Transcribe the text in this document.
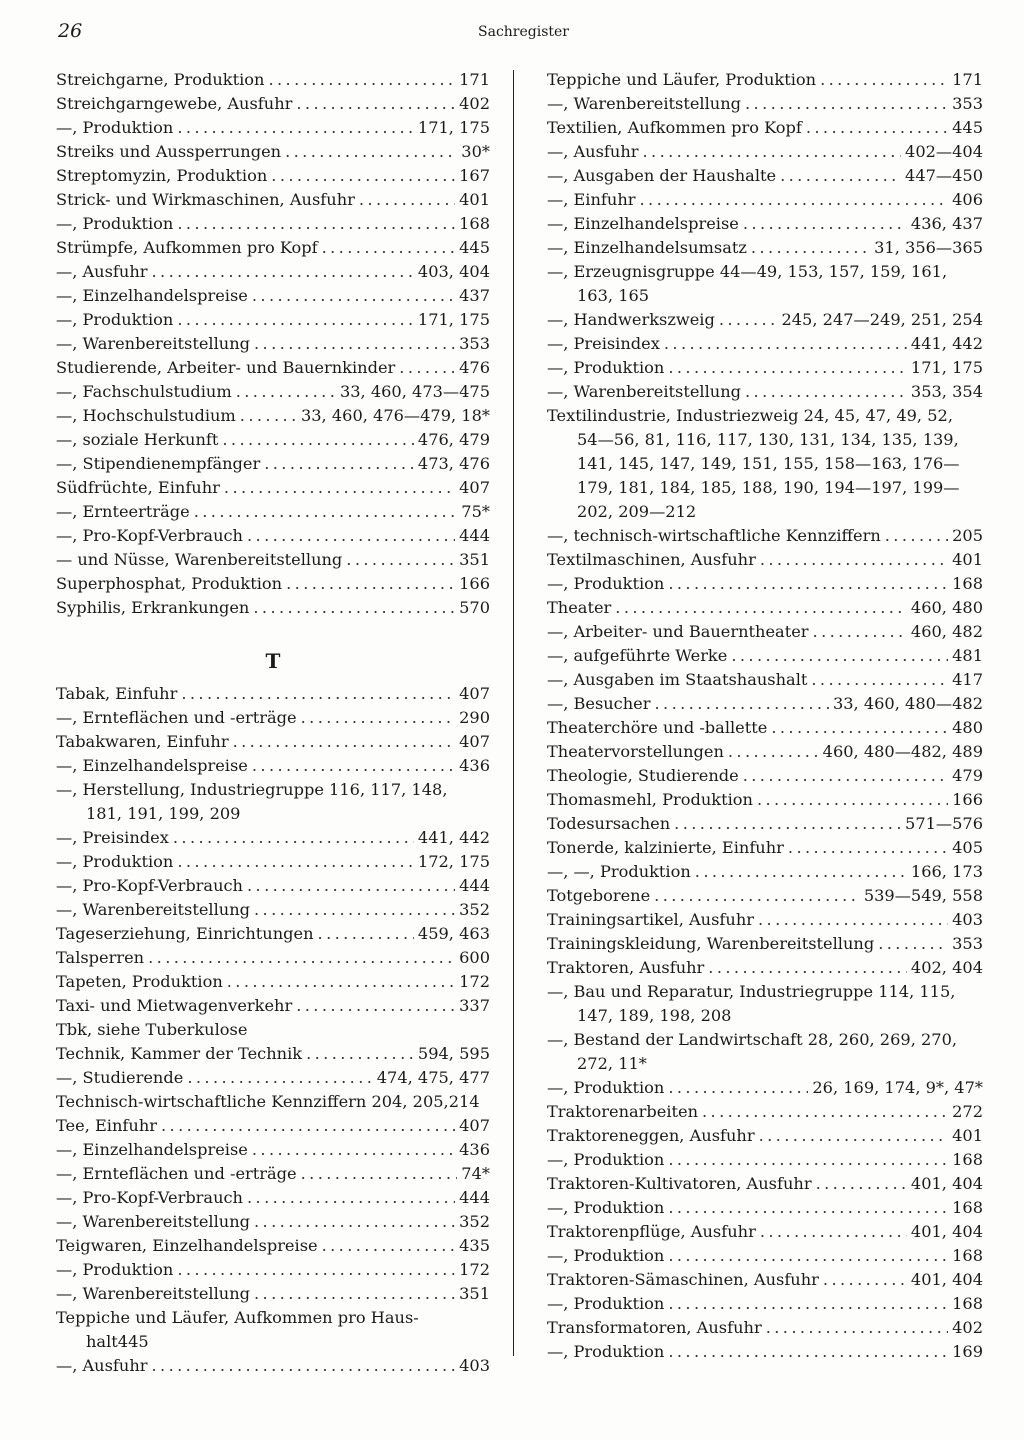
26	Sachregister
Streichgarne, Produktion .....	171
Streichgarngewebe, Ausfuhr .....	402
—, Produktion .....	171, 175
Streiks und Aussperrungen .....	30*
Streptomyzin, Produktion .....	167
Strick- und Wirkmaschinen, Ausfuhr .....	401
—, Produktion .....	168
Strümpfe, Aufkommen pro Kopf .....	445
—, Ausfuhr .....	403, 404
—, Einzelhandelspreise .....	437
—, Produktion .....	171, 175
—, Warenbereitstellung .....	353
Studierende, Arbeiter- und Bauernkinder .....	476
—, Fachschulstudium .....	33, 460, 473—475
—, Hochschulstudium .....	33, 460, 476—479, 18*
—, soziale Herkunft .....	476, 479
—, Stipendienempfänger .....	473, 476
Südfrüchte, Einfuhr .....	407
—, Ernteerträge .....	75*
—, Pro-Kopf-Verbrauch .....	444
— und Nüsse, Warenbereitstellung .....	351
Superphosphat, Produktion .....	166
Syphilis, Erkrankungen .....	570
T
Tabak, Einfuhr .....	407
—, Ernteflächen und -erträge .....	290
Tabakwaren, Einfuhr .....	407
—, Einzelhandelspreise .....	436
—, Herstellung, Industriegruppe 116, 117, 148,
181, 191, 199, 209
—, Preisindex .....	441, 442
—, Produktion .....	172, 175
—, Pro-Kopf-Verbrauch .....	444
—, Warenbereitstellung .....	352
Tageserziehung, Einrichtungen .....	459, 463
Talsperren .....	600
Tapeten, Produktion .....	172
Taxi- und Mietwagenverkehr .....	337
Tbk, siehe Tuberkulose
Technik, Kammer der Technik .....	594, 595
—, Studierende .....	474, 475, 477
Technisch-wirtschaftliche Kennziffern 204, 205,214
Tee, Einfuhr .....	407
—, Einzelhandelspreise .....	436
—, Ernteflächen und -erträge .....	74*
—, Pro-Kopf-Verbrauch .....	444
—, Warenbereitstellung .....	352
Teigwaren, Einzelhandelspreise .....	435
—, Produktion .....	172
—, Warenbereitstellung .....	351
Teppiche und Läufer, Aufkommen pro Haus-
halt 445
—, Ausfuhr .....	403
Teppiche und Läufer, Produktion .....	171
—, Warenbereitstellung .....	353
Textilien, Aufkommen pro Kopf .....	445
—, Ausfuhr .....	402—404
—, Ausgaben der Haushalte .....	447—450
—, Einfuhr .....	406
—, Einzelhandelspreise .....	436, 437
—, Einzelhandelsumsatz .....	31, 356—365
—, Erzeugnisgruppe 44—49, 153, 157, 159, 161,
163, 165
—, Handwerkszweig .....	245, 247—249, 251, 254
—, Preisindex .....	441, 442
—, Produktion .....	171, 175
—, Warenbereitstellung .....	353, 354
Textilindustrie, Industriezweig 24, 45, 47, 49, 52,
54—56, 81, 116, 117, 130, 131, 134, 135, 139,
141, 145, 147, 149, 151, 155, 158—163, 176—
179, 181, 184, 185, 188, 190, 194—197, 199—
202, 209—212
—, technisch-wirtschaftliche Kennziffern .....	205
Textilmaschinen, Ausfuhr .....	401
—, Produktion .....	168
Theater .....	460, 480
—, Arbeiter- und Bauerntheater .....	460, 482
—, aufgeführte Werke .....	481
—, Ausgaben im Staatshaushalt .....	417
—, Besucher .....	33, 460, 480—482
Theaterchöre und -ballette .....	480
Theatervorstellungen .....	460, 480—482, 489
Theologie, Studierende .....	479
Thomasmehl, Produktion .....	166
Todesursachen .....	571—576
Tonerde, kalzinierte, Einfuhr .....	405
—, —, Produktion .....	166, 173
Totgeborene .....	539—549, 558
Trainingsartikel, Ausfuhr .....	403
Trainingskleidung, Warenbereitstellung .....	353
Traktoren, Ausfuhr .....	402, 404
—, Bau und Reparatur, Industriegruppe 114, 115,
147, 189, 198, 208
—, Bestand der Landwirtschaft 28, 260, 269, 270,
272, 11*
—, Produktion .....	26, 169, 174, 9*, 47*
Traktorenarbeiten .....	272
Traktoreneggen, Ausfuhr .....	401
—, Produktion .....	168
Traktoren-Kultivatoren, Ausfuhr .....	401, 404
—, Produktion .....	168
Traktorenpflüge, Ausfuhr .....	401, 404
—, Produktion .....	168
Traktoren-Sämaschinen, Ausfuhr .....	401, 404
—, Produktion .....	168
Transformatoren, Ausfuhr .....	402
—, Produktion .....	169
